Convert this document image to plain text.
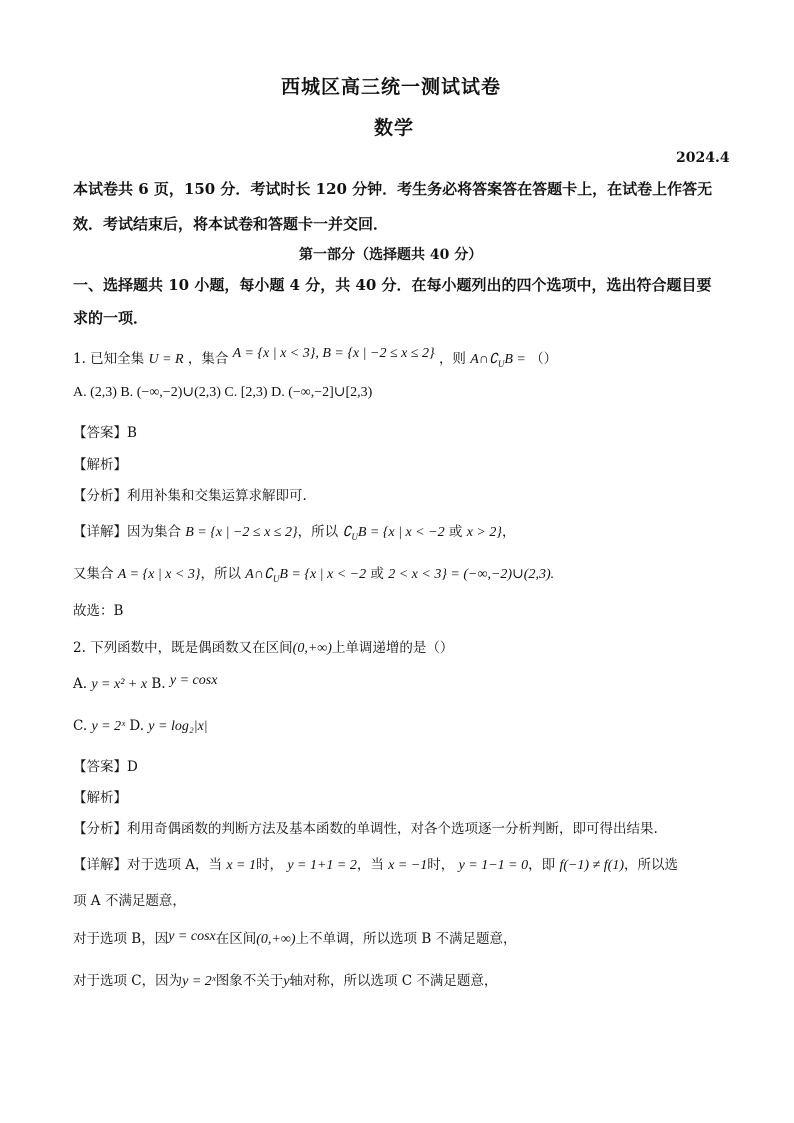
西城区高三统一测试试卷
数学
2024.4
本试卷共 6 页，150 分．考试时长 120 分钟．考生务必将答案答在答题卡上，在试卷上作答无
效．考试结束后，将本试卷和答题卡一并交回．
第一部分（选择题共 40 分）
一、选择题共 10 小题，每小题 4 分，共 40 分．在每小题列出的四个选项中，选出符合题目要
求的一项．
1. 已知全集 U = R ，集合 A = {x | x < 3}, B = {x | −2 ≤ x ≤ 2} ，则 $A\cap∁_UB$ = （）
A. (2,3) B. (−∞,−2)∪(2,3) C. [2,3) D. (−∞,−2]∪[2,3)
【答案】B
【解析】
【分析】利用补集和交集运算求解即可.
【详解】因为集合 B = {x | −2 ≤ x ≤ 2}，所以 $∁_UB = \{x$ | x < −2 或 x > 2}，
又集合 A = {x | x < 3}，所以 $A\cap∁_UB = \{x$ | x < −2 或 2 < x < 3} = (−∞,−2)∪(2,3).
故选：B
2. 下列函数中，既是偶函数又在区间(0,+∞)上单调递增的是（）
A. y = x² + x B. y = cosx
C. y = 2ˣ D. y = log₂|x|
【答案】D
【解析】
【分析】利用奇偶函数的判断方法及基本函数的单调性，对各个选项逐一分析判断，即可得出结果.
【详解】对于选项 A，当 x = 1时， y = 1+1 = 2，当 x = −1时， y = 1−1 = 0，即 f(−1) ≠ f(1)，所以选
项 A 不满足题意，
对于选项 B，因y = cosx在区间(0,+∞)上不单调，所以选项 B 不满足题意，
对于选项 C，因为y = 2ˣ图象不关于y轴对称，所以选项 C 不满足题意，
